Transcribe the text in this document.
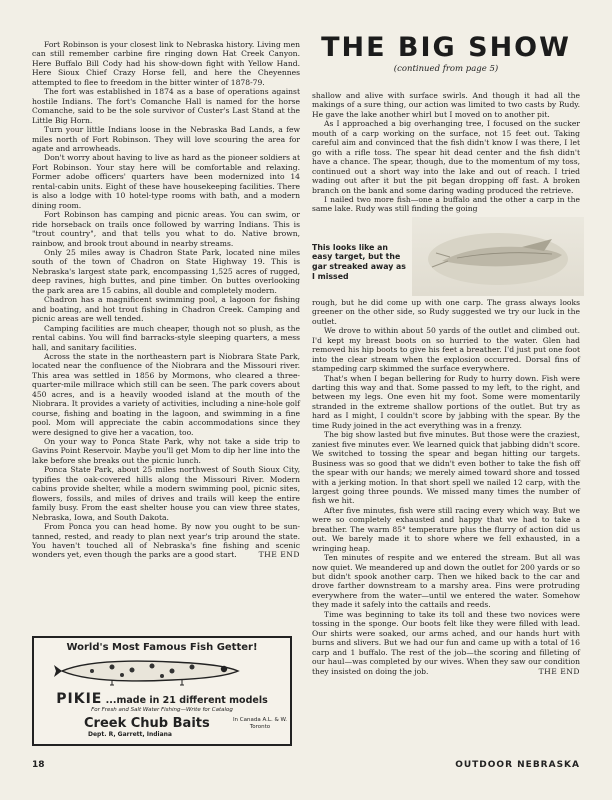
Fort Robinson is your closest link to Nebraska history. Living men can still remember carbine fire ringing down Hat Creek Canyon. Here Buffalo Bill Cody had his show-down fight with Yellow Hand. Here Sioux Chief Crazy Horse fell, and here the Cheyennes attempted to flee to freedom in the bitter winter of 1878-79.

The fort was established in 1874 as a base of operations against hostile Indians. The fort's Comanche Hall is named for the horse Comanche, said to be the sole survivor of Custer's Last Stand at the Little Big Horn.

Turn your little Indians loose in the Nebraska Bad Lands, a few miles north of Fort Robinson. They will love scouring the area for agate and arrowheads.

Don't worry about having to live as hard as the pioneer soldiers at Fort Robinson. Your stay here will be comfortable and relaxing. Former adobe officers' quarters have been modernized into 14 rental-cabin units. Eight of these have housekeeping facilities. There is also a lodge with 10 hotel-type rooms with bath, and a modern dining room.

Fort Robinson has camping and picnic areas. You can swim, or ride horseback on trails once followed by warring Indians. This is "trout country", and that tells you what to do. Native brown, rainbow, and brook trout abound in nearby streams.

Only 25 miles away is Chadron State Park, located nine miles south of the town of Chadron on State Highway 19. This is Nebraska's largest state park, encompassing 1,525 acres of rugged, deep ravines, high buttes, and pine timber. On buttes overlooking the park area are 15 cabins, all double and completely modern.

Chadron has a magnificent swimming pool, a lagoon for fishing and boating, and hot trout fishing in Chadron Creek. Camping and picnic areas are well tended.

Camping facilities are much cheaper, though not so plush, as the rental cabins. You will find barracks-style sleeping quarters, a mess hall, and sanitary facilities.

Across the state in the northeastern part is Niobrara State Park, located near the confluence of the Niobrara and the Missouri river. This area was settled in 1856 by Mormons, who cleared a three-quarter-mile millrace which still can be seen. The park covers about 450 acres, and is a heavily wooded island at the mouth of the Niobrara. It provides a variety of activities, including a nine-hole golf course, fishing and boating in the lagoon, and swimming in a fine pool. Mom will appreciate the cabin accommodations since they were designed to give her a vacation, too.

On your way to Ponca State Park, why not take a side trip to Gavins Point Reservoir. Maybe you'll get Mom to dip her line into the lake before she breaks out the picnic lunch.

Ponca State Park, about 25 miles northwest of South Sioux City, typifies the oak-covered hills along the Missouri River. Modern cabins provide shelter, while a modern swimming pool, picnic sites, flowers, fossils, and miles of drives and trails will keep the entire family busy. From the east shelter house you can view three states, Nebraska, Iowa, and South Dakota.

From Ponca you can head home. By now you ought to be sun-tanned, rested, and ready to plan next year's trip around the state. You haven't touched all of Nebraska's fine fishing and scenic wonders yet, even though the parks are a good start.	THE END

THE BIG SHOW
(continued from page 5)

shallow and alive with surface swirls. And though it had all the makings of a sure thing, our action was limited to two casts by Rudy. He gave the lake another whirl but I moved on to another pit.

As I approached a big overhanging tree, I focused on the sucker mouth of a carp working on the surface, not 15 feet out. Taking careful aim and convinced that the fish didn't know I was there, I let go with a rifle toss. The spear hit dead center and the fish didn't have a chance. The spear, though, due to the momentum of my toss, continued out a short way into the lake and out of reach. I tried wading out after it but the pit began dropping off fast. A broken branch on the bank and some daring wading produced the retrieve.

I nailed two more fish—one a buffalo and the other a carp in the same lake. Rudy was still finding the going

This looks like an easy target, but the gar streaked away as I missed

rough, but he did come up with one carp. The grass always looks greener on the other side, so Rudy suggested we try our luck in the outlet.

We drove to within about 50 yards of the outlet and climbed out. I'd kept my breast boots on so hurried to the water. Glen had removed his hip boots to give his feet a breather. I'd just put one foot into the clear stream when the explosion occurred. Dorsal fins of stampeding carp skimmed the surface everywhere.

That's when I began bellering for Rudy to hurry down. Fish were darting this way and that. Some passed to my left, to the right, and between my legs. One even hit my foot. Some were momentarily stranded in the extreme shallow portions of the outlet. But try as hard as I might, I couldn't score by jabbing with the spear. By the time Rudy joined in the act everything was in a frenzy.

The big show lasted but five minutes. But those were the craziest, zaniest five minutes ever. We learned quick that jabbing didn't score. We switched to tossing the spear and began hitting our targets. Business was so good that we didn't even bother to take the fish off the spear with our hands; we merely aimed toward shore and tossed with a jerking motion. In that short spell we nailed 12 carp, with the largest going three pounds. We missed many times the number of fish we hit.

After five minutes, fish were still racing every which way. But we were so completely exhausted and happy that we had to take a breather. The warm 85° temperature plus the flurry of action did us out. We barely made it to shore where we fell exhausted, in a wringing heap.

Ten minutes of respite and we entered the stream. But all was now quiet. We meandered up and down the outlet for 200 yards or so but didn't spook another carp. Then we hiked back to the car and drove farther downstream to a marshy area. Fins were protruding everywhere from the water—until we entered the water. Somehow they made it safely into the cattails and reeds.

Time was beginning to take its toll and these two novices were tossing in the sponge. Our boots felt like they were filled with lead. Our shirts were soaked, our arms ached, and our hands hurt with burns and slivers. But we had our fun and came up with a total of 16 carp and 1 buffalo. The rest of the job—the scoring and filleting of our haul—was completed by our wives. When they saw our condition they insisted on doing the job.	THE END

World's Most Famous Fish Getter!
PIKIE ...made in 21 different models
For Fresh and Salt Water Fishing—Write for Catalog
Creek Chub Baits
Dept. R, Garrett, Indiana
In Canada A.L. & W. Toronto
18	OUTDOOR NEBRASKA
